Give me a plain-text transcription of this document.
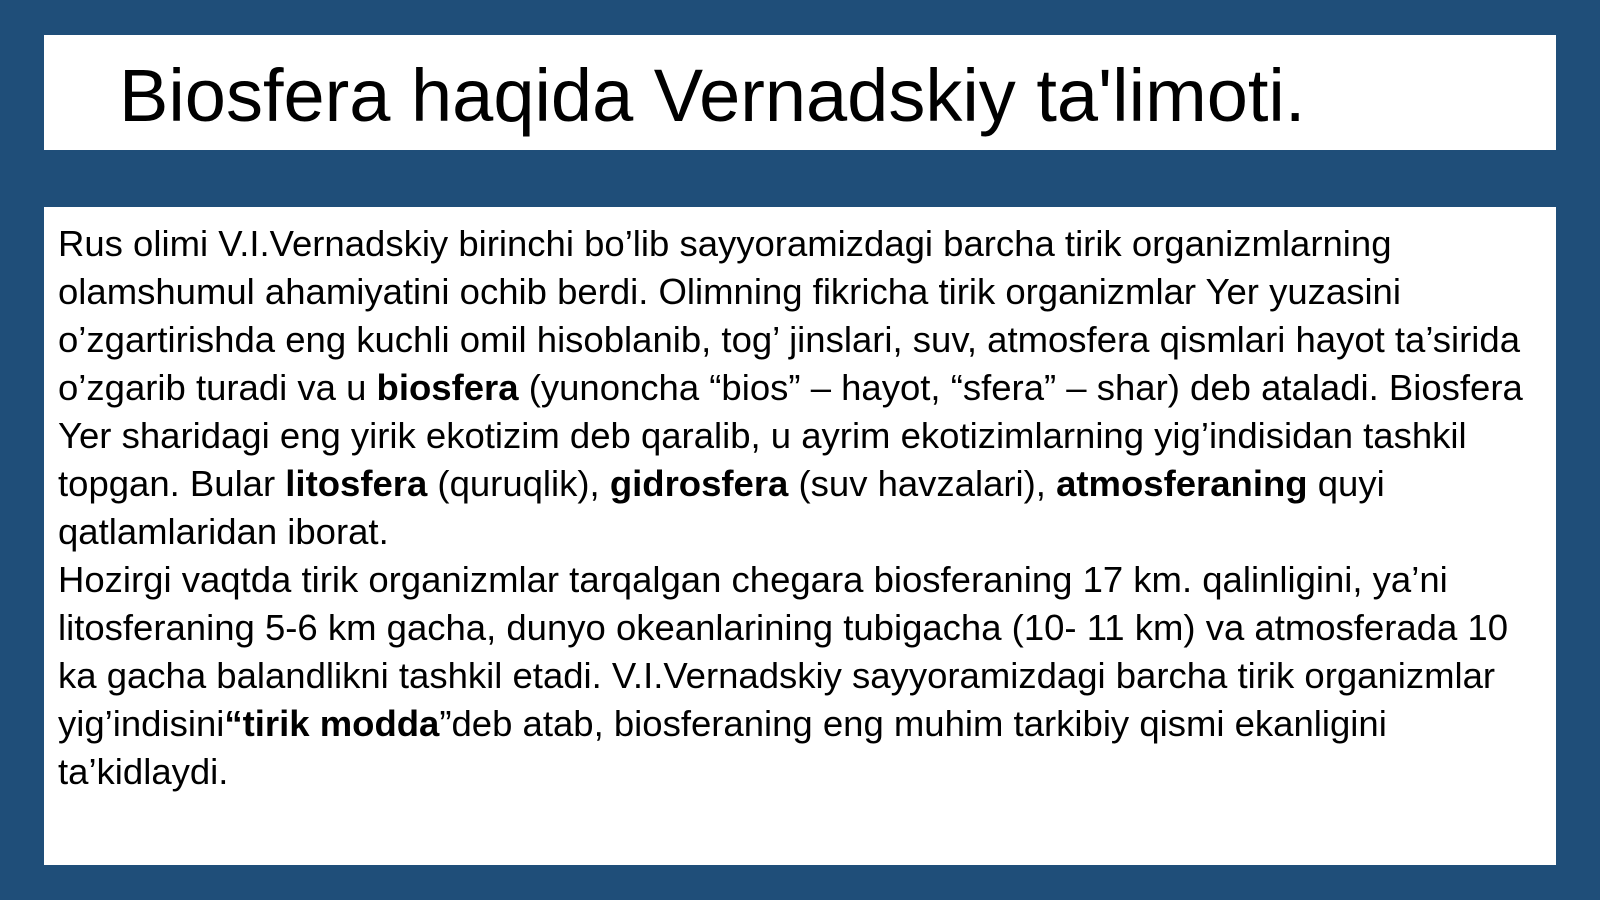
Biosfera haqida Vernadskiy ta'limoti.

Rus olimi V.I.Vernadskiy birinchi bo’lib sayyoramizdagi barcha tirik organizmlarning olamshumul ahamiyatini ochib berdi. Olimning fikricha tirik organizmlar Yer yuzasini o’zgartirishda eng kuchli omil hisoblanib, tog’ jinslari, suv, atmosfera qismlari hayot ta’sirida o’zgarib turadi va u biosfera (yunoncha “bios” – hayot, “sfera” – shar) deb ataladi. Biosfera Yer sharidagi eng yirik ekotizim deb qaralib, u ayrim ekotizimlarning yig’indisidan tashkil topgan. Bular litosfera (quruqlik), gidrosfera (suv havzalari), atmosferaning quyi qatlamlaridan iborat.

Hozirgi vaqtda tirik organizmlar tarqalgan chegara biosferaning 17 km. qalinligini, ya’ni litosferaning 5-6 km gacha, dunyo okeanlarining tubigacha (10- 11 km) va atmosferada 10 ka gacha balandlikni tashkil etadi. V.I.Vernadskiy sayyoramizdagi barcha tirik organizmlar yig’indisini“tirik modda”deb atab, biosferaning eng muhim tarkibiy qismi ekanligini ta’kidlaydi.
